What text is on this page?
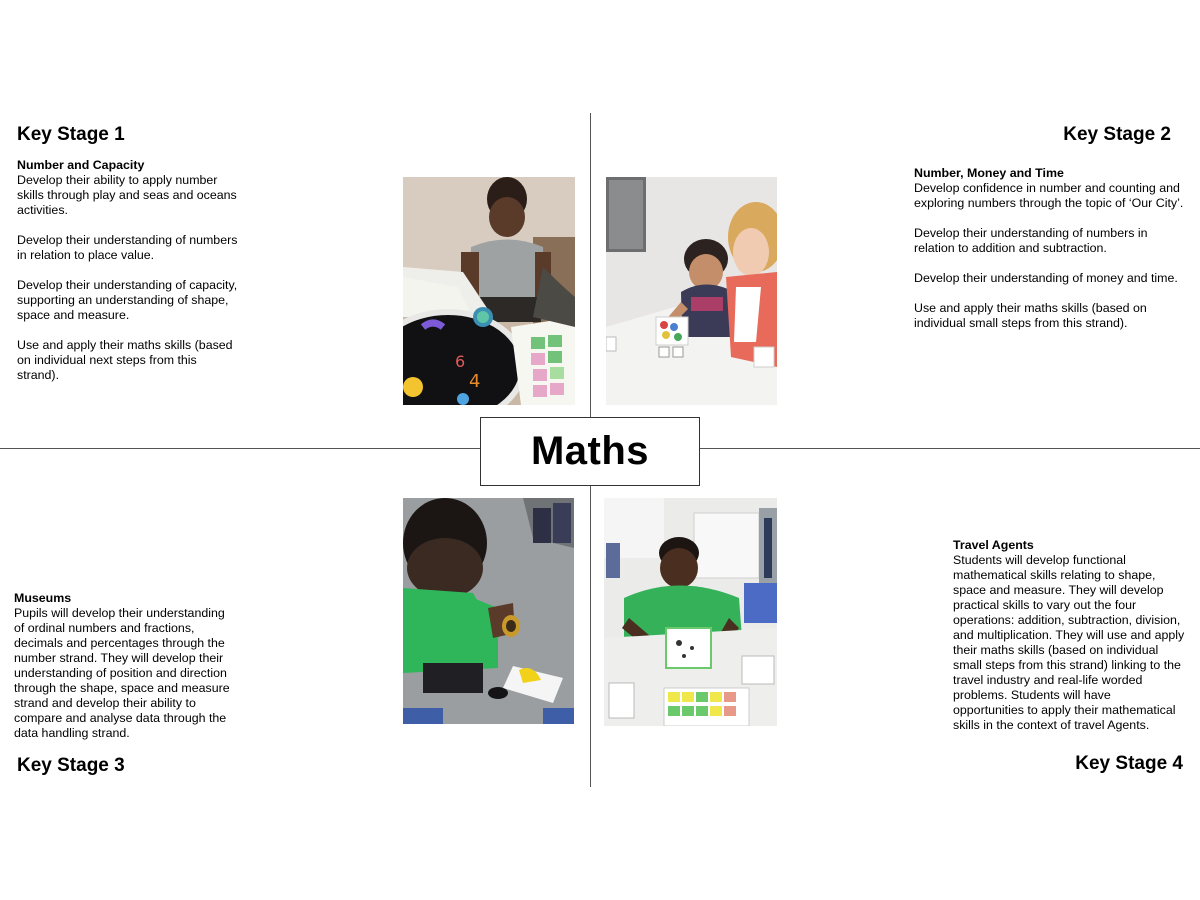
Key Stage 1
Number and Capacity

Develop their ability to apply number skills through play and seas and oceans activities.

Develop their understanding of numbers in relation to place value.

Develop their understanding of capacity, supporting an understanding of shape, space and measure.

Use and apply their maths skills (based on individual next steps from this strand).

Key Stage 2
Number, Money and Time

Develop confidence in number and counting and exploring numbers through the topic of ‘Our City’.

Develop their understanding of numbers in relation to addition and subtraction.

Develop their understanding of money and time.

Use and apply their maths skills (based on individual small steps from this strand).

Museums
Pupils will develop their understanding of ordinal numbers and fractions, decimals and percentages through the number strand. They will develop their understanding of position and direction through the shape, space and measure strand and develop their ability to compare and analyse data through the data handling strand.
Key Stage 3
Travel Agents
Students will develop functional mathematical skills relating to shape, space and measure. They will develop practical skills to vary out the four operations: addition, subtraction, division, and multiplication. They will use and apply their maths skills (based on individual small steps from this strand) linking to the travel industry and real-life worded problems. Students will have opportunities to apply their mathematical skills in the context of travel Agents.
Key Stage 4
6
4
Maths
